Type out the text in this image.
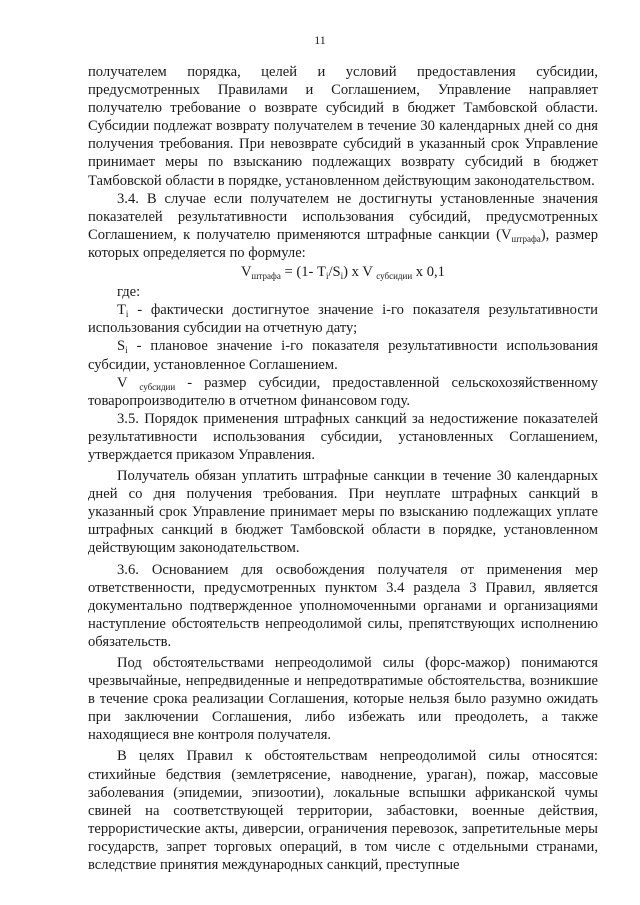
11

получателем порядка, целей и условий предоставления субсидии, предусмотренных Правилами и Соглашением, Управление направляет получателю требование о возврате субсидий в бюджет Тамбовской области. Субсидии подлежат возврату получателем в течение 30 календарных дней со дня получения требования. При невозврате субсидий в указанный срок Управление принимает меры по взысканию подлежащих возврату субсидий в бюджет Тамбовской области в порядке, установленном действующим законодательством.

3.4. В случае если получателем не достигнуты установленные значения показателей результативности использования субсидий, предусмотренных Соглашением, к получателю применяются штрафные санкции $(V_{штрафа})$, размер которых определяется по формуле:

$V_{штрафа} = (1-$ $T_i/S_i$) x V $_{субсидии}$ x 0,1

где:

$T_i$ - фактически достигнутое значение i-го показателя результативности использования субсидии на отчетную дату;

$S_i$ - плановое значение i-го показателя результативности использования субсидии, установленное Соглашением.

V $_{субсидии}$ - размер субсидии, предоставленной сельскохозяйственному товаропроизводителю в отчетном финансовом году.

3.5. Порядок применения штрафных санкций за недостижение показателей результативности использования субсидии, установленных Соглашением, утверждается приказом Управления.

Получатель обязан уплатить штрафные санкции в течение 30 календарных дней со дня получения требования. При неуплате штрафных санкций в указанный срок Управление принимает меры по взысканию подлежащих уплате штрафных санкций в бюджет Тамбовской области в порядке, установленном действующим законодательством.

3.6. Основанием для освобождения получателя от применения мер ответственности, предусмотренных пунктом 3.4 раздела 3 Правил, является документально подтвержденное уполномоченными органами и организациями наступление обстоятельств непреодолимой силы, препятствующих исполнению обязательств.

Под обстоятельствами непреодолимой силы (форс-мажор) понимаются чрезвычайные, непредвиденные и непредотвратимые обстоятельства, возникшие в течение срока реализации Соглашения, которые нельзя было разумно ожидать при заключении Соглашения, либо избежать или преодолеть, а также находящиеся вне контроля получателя.

В целях Правил к обстоятельствам непреодолимой силы относятся: стихийные бедствия (землетрясение, наводнение, ураган), пожар, массовые заболевания (эпидемии, эпизоотии), локальные вспышки африканской чумы свиней на соответствующей территории, забастовки, военные действия, террористические акты, диверсии, ограничения перевозок, запретительные меры государств, запрет торговых операций, в том числе с отдельными странами, вследствие принятия международных санкций, преступные
